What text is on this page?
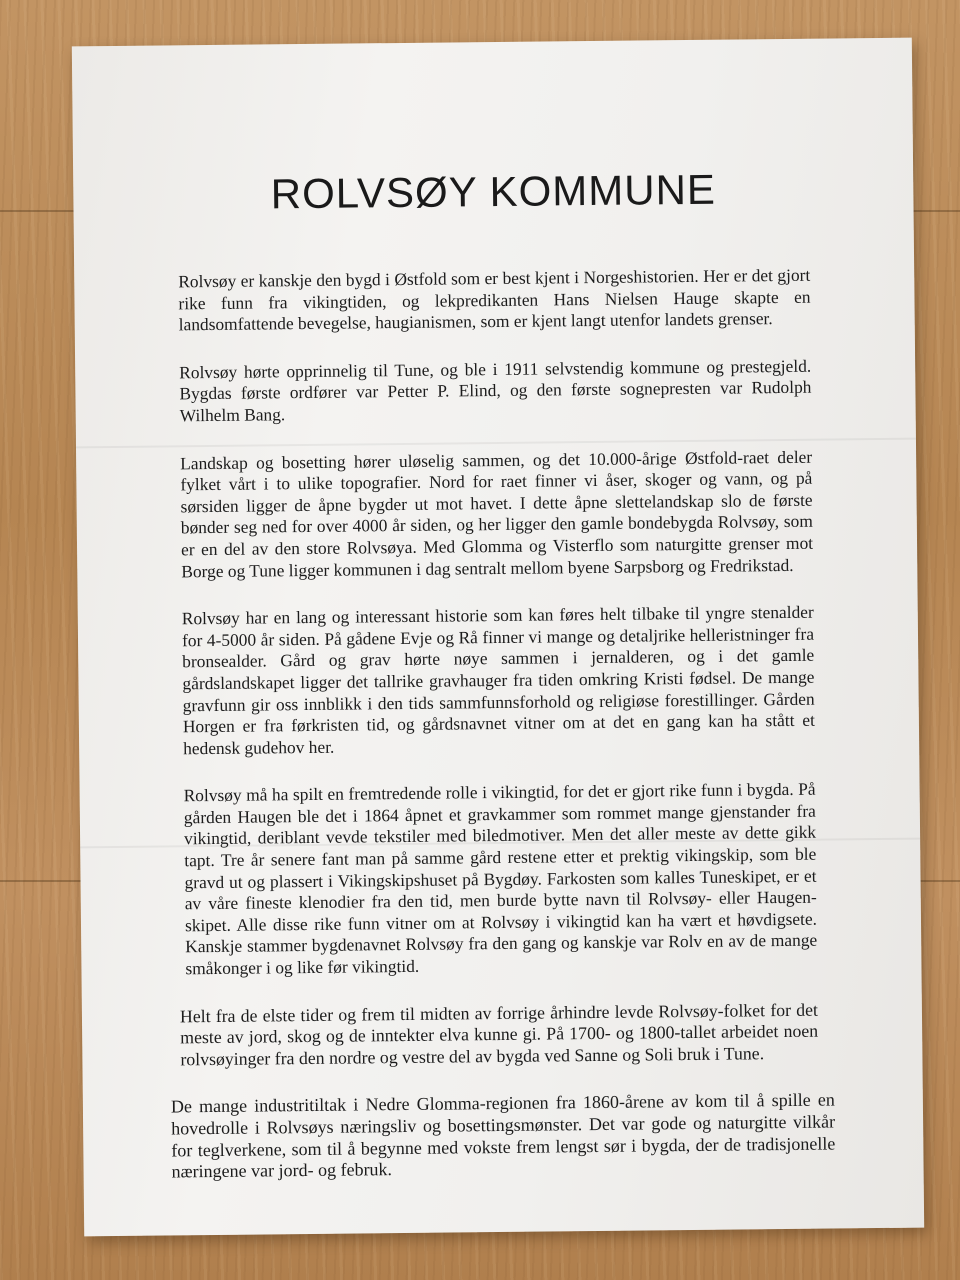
ROLVSØY KOMMUNE

Rolvsøy er kanskje den bygd i Østfold som er best kjent i Norgeshistorien. Her er det gjort rike funn fra vikingtiden, og lekpredikanten Hans Nielsen Hauge skapte en landsomfattende bevegelse, haugianismen, som er kjent langt utenfor landets grenser.

Rolvsøy hørte opprinnelig til Tune, og ble i 1911 selvstendig kommune og prestegjeld. Bygdas første ordfører var Petter P. Elind, og den første sognepresten var Rudolph Wilhelm Bang.

Landskap og bosetting hører uløselig sammen, og det 10.000-årige Østfold-raet deler fylket vårt i to ulike topografier. Nord for raet finner vi åser, skoger og vann, og på sørsiden ligger de åpne bygder ut mot havet. I dette åpne slettelandskap slo de første bønder seg ned for over 4000 år siden, og her ligger den gamle bondebygda Rolvsøy, som er en del av den store Rolvsøya. Med Glomma og Visterflo som naturgitte grenser mot Borge og Tune ligger kommunen i dag sentralt mellom byene Sarpsborg og Fredrikstad.

Rolvsøy har en lang og interessant historie som kan føres helt tilbake til yngre stenalder for 4-5000 år siden. På gådene Evje og Rå finner vi mange og detaljrike helleristninger fra bronsealder. Gård og grav hørte nøye sammen i jernalderen, og i det gamle gårdslandskapet ligger det tallrike gravhauger fra tiden omkring Kristi fødsel. De mange gravfunn gir oss innblikk i den tids sammfunnsforhold og religiøse forestillinger. Gården Horgen er fra førkristen tid, og gårdsnavnet vitner om at det en gang kan ha stått et hedensk gudehov her.

Rolvsøy må ha spilt en fremtredende rolle i vikingtid, for det er gjort rike funn i bygda. På gården Haugen ble det i 1864 åpnet et gravkammer som rommet mange gjenstander fra vikingtid, deriblant vevde tekstiler med biledmotiver. Men det aller meste av dette gikk tapt. Tre år senere fant man på samme gård restene etter et prektig vikingskip, som ble gravd ut og plassert i Vikingskipshuset på Bygdøy. Farkosten som kalles Tuneskipet, er et av våre fineste klenodier fra den tid, men burde bytte navn til Rolvsøy- eller Haugen-skipet. Alle disse rike funn vitner om at Rolvsøy i vikingtid kan ha vært et høvdigsete. Kanskje stammer bygdenavnet Rolvsøy fra den gang og kanskje var Rolv en av de mange småkonger i og like før vikingtid.

Helt fra de elste tider og frem til midten av forrige århindre levde Rolvsøy-folket for det meste av jord, skog og de inntekter elva kunne gi. På 1700- og 1800-tallet arbeidet noen rolvsøyinger fra den nordre og vestre del av bygda ved Sanne og Soli bruk i Tune.

De mange industritiltak i Nedre Glomma-regionen fra 1860-årene av kom til å spille en hovedrolle i Rolvsøys næringsliv og bosettingsmønster. Det var gode og naturgitte vilkår for teglverkene, som til å begynne med vokste frem lengst sør i bygda, der de tradisjonelle næringene var jord- og februk.
